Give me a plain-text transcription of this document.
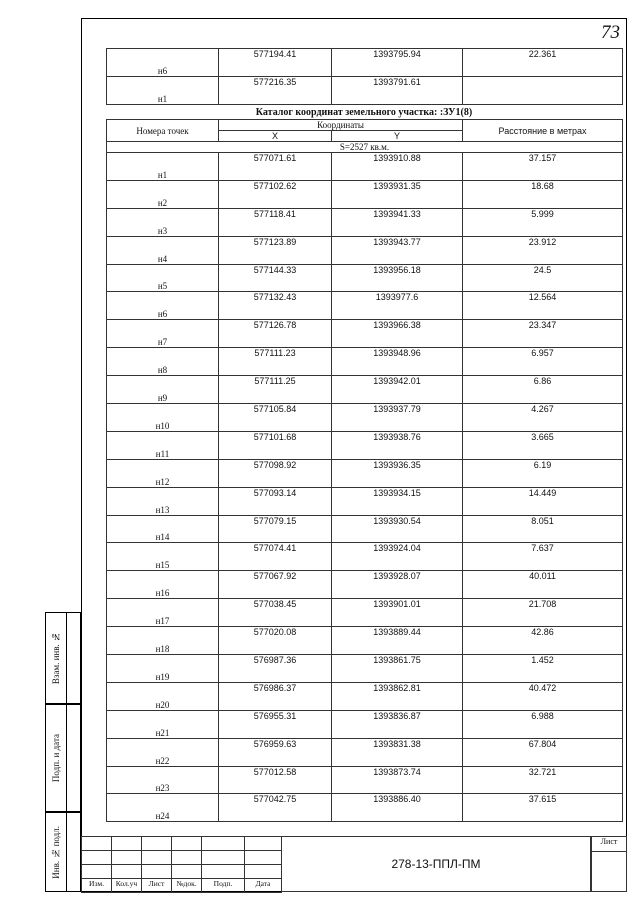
73
н6	577194.41	1393795.94	22.361
н1	577216.35	1393791.61	
Каталог координат земельного участка: :ЗУ1(8)
Номера точек	Координаты		Расстояние в метрах
	X	Y	
S=2527 кв.м.			
н1	577071.61	1393910.88	37.157
н2	577102.62	1393931.35	18.68
н3	577118.41	1393941.33	5.999
н4	577123.89	1393943.77	23.912
н5	577144.33	1393956.18	24.5
н6	577132.43	1393977.6	12.564
н7	577126.78	1393966.38	23.347
н8	577111.23	1393948.96	6.957
н9	577111.25	1393942.01	6.86
н10	577105.84	1393937.79	4.267
н11	577101.68	1393938.76	3.665
н12	577098.92	1393936.35	6.19
н13	577093.14	1393934.15	14.449
н14	577079.15	1393930.54	8.051
н15	577074.41	1393924.04	7.637
н16	577067.92	1393928.07	40.011
н17	577038.45	1393901.01	21.708
н18	577020.08	1393889.44	42.86
н19	576987.36	1393861.75	1.452
н20	576986.37	1393862.81	40.472
н21	576955.31	1393836.87	6.988
н22	576959.63	1393831.38	67.804
н23	577012.58	1393873.74	32.721
н24	577042.75	1393886.40	37.615
Взам. инв. №
Подп. и дата
Инв. № подл.

Изм.	Кол.уч	Лист	№док.	Подп.	Дата
278-13-ППЛ-ПМ
Лист
